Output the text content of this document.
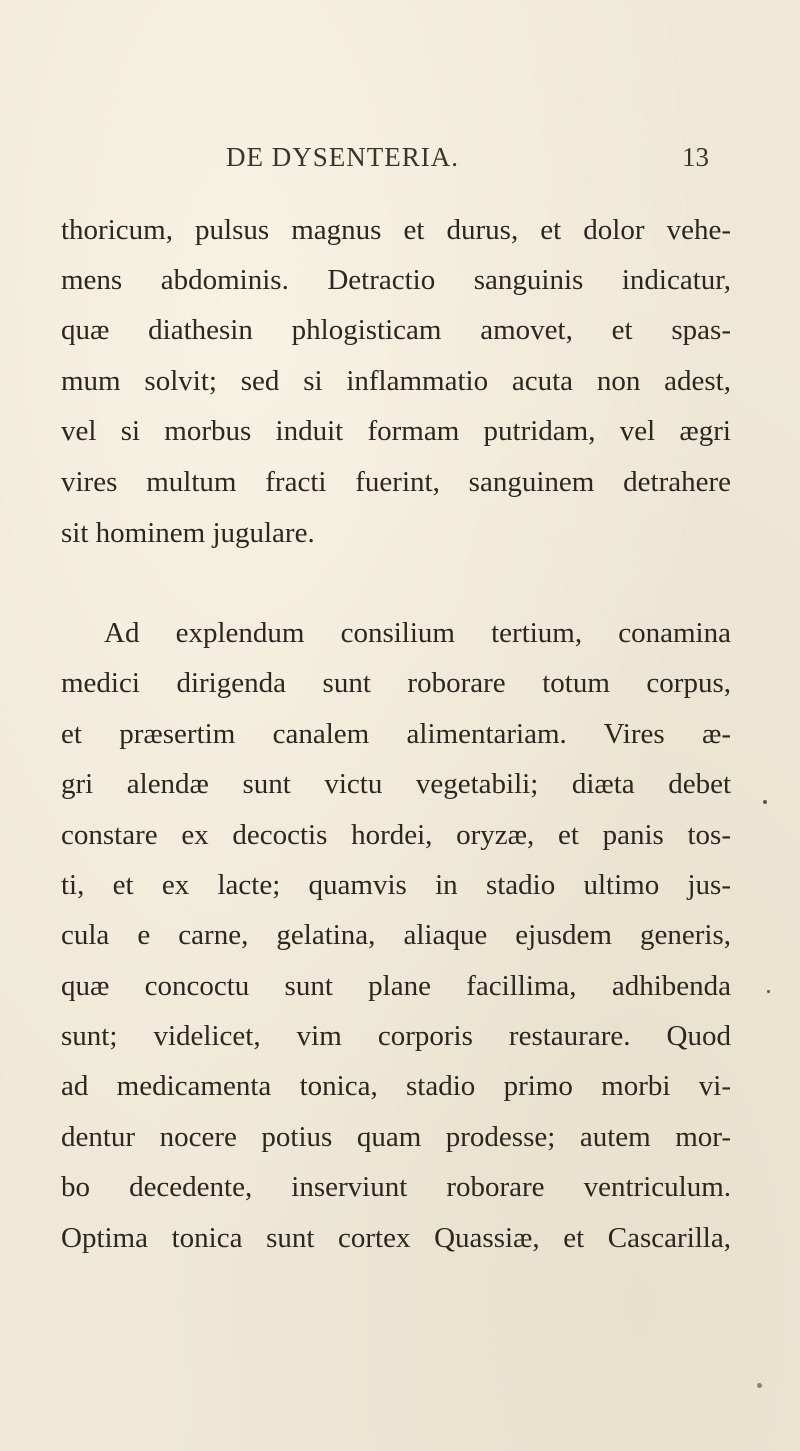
DE DYSENTERIA.	13
thoricum, pulsus magnus et durus, et dolor vehe-
mens abdominis. Detractio sanguinis indicatur,
quæ diathesin phlogisticam amovet, et spas-
mum solvit; sed si inflammatio acuta non adest,
vel si morbus induit formam putridam, vel ægri
vires multum fracti fuerint, sanguinem detrahere
sit hominem jugulare.
Ad explendum consilium tertium, conamina
medici dirigenda sunt roborare totum corpus,
et præsertim canalem alimentariam. Vires æ-
gri alendæ sunt victu vegetabili; diæta debet
constare ex decoctis hordei, oryzæ, et panis tos-
ti, et ex lacte; quamvis in stadio ultimo jus-
cula e carne, gelatina, aliaque ejusdem generis,
quæ concoctu sunt plane facillima, adhibenda
sunt; videlicet, vim corporis restaurare. Quod
ad medicamenta tonica, stadio primo morbi vi-
dentur nocere potius quam prodesse; autem mor-
bo decedente, inserviunt roborare ventriculum.
Optima tonica sunt cortex Quassiæ, et Cascarilla,
